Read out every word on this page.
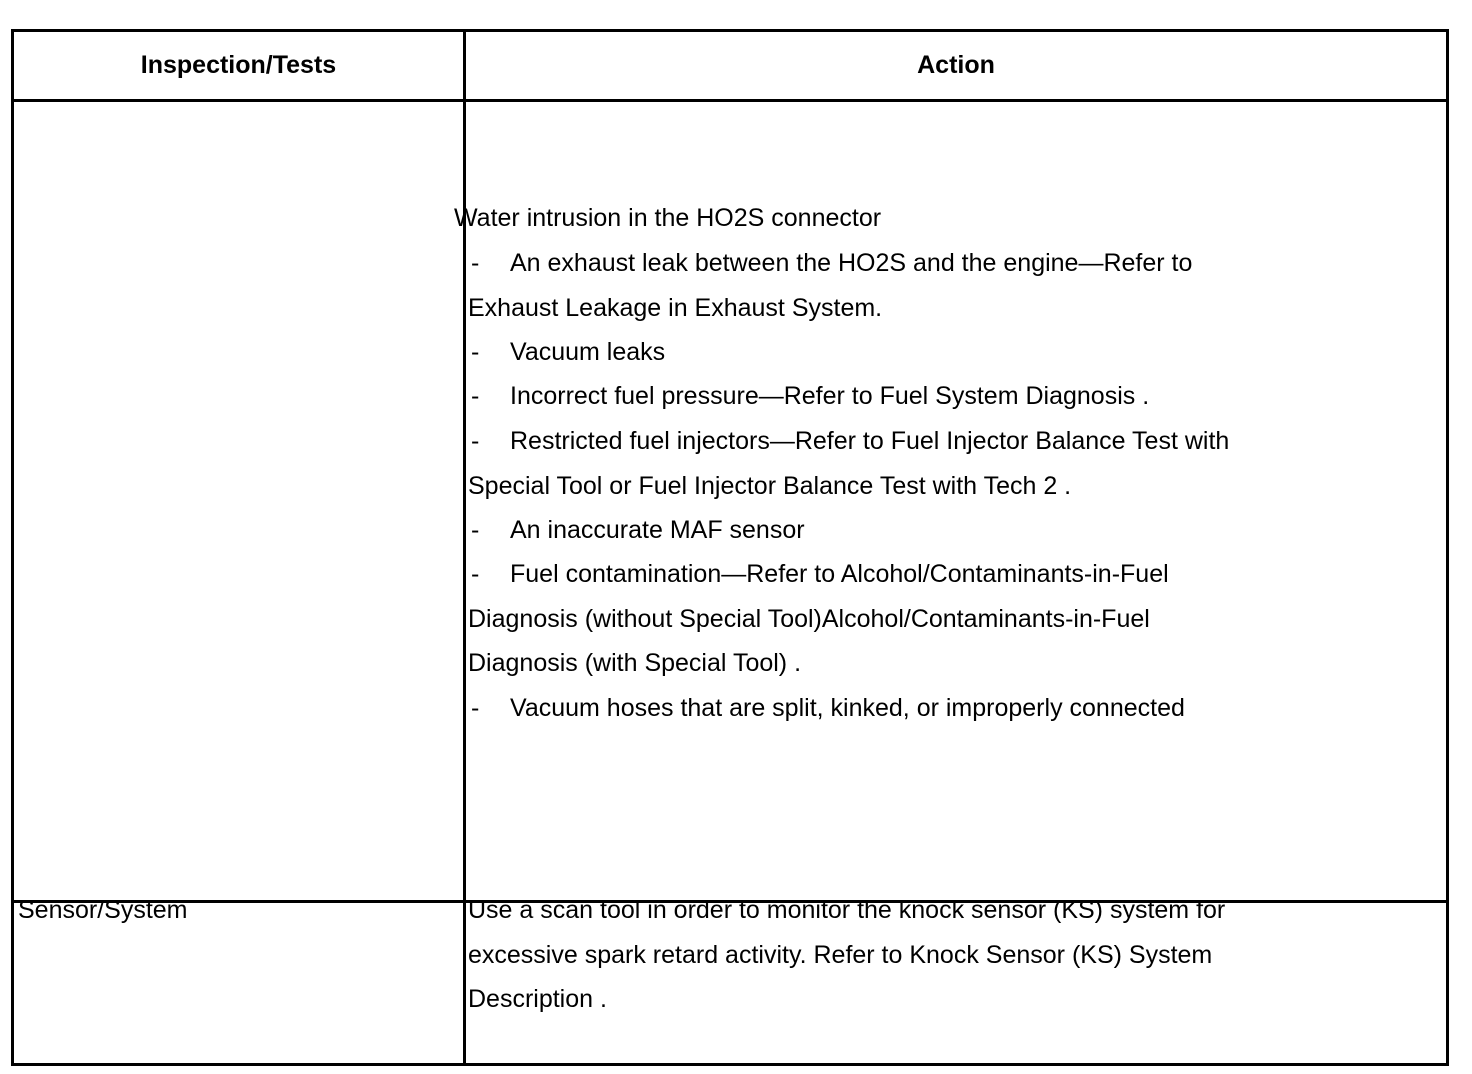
Inspection/Tests	Action
Water intrusion in the HO2S connector
- An exhaust leak between the HO2S and the engine—Refer to
Exhaust Leakage in Exhaust System.
- Vacuum leaks
- Incorrect fuel pressure—Refer to Fuel System Diagnosis .
- Restricted fuel injectors—Refer to Fuel Injector Balance Test with
Special Tool or Fuel Injector Balance Test with Tech 2 .
- An inaccurate MAF sensor
- Fuel contamination—Refer to Alcohol/Contaminants-in-Fuel
Diagnosis (without Special Tool)Alcohol/Contaminants-in-Fuel
Diagnosis (with Special Tool) .
- Vacuum hoses that are split, kinked, or improperly connected
Sensor/System	Use a scan tool in order to monitor the knock sensor (KS) system for
excessive spark retard activity. Refer to Knock Sensor (KS) System
Description .
